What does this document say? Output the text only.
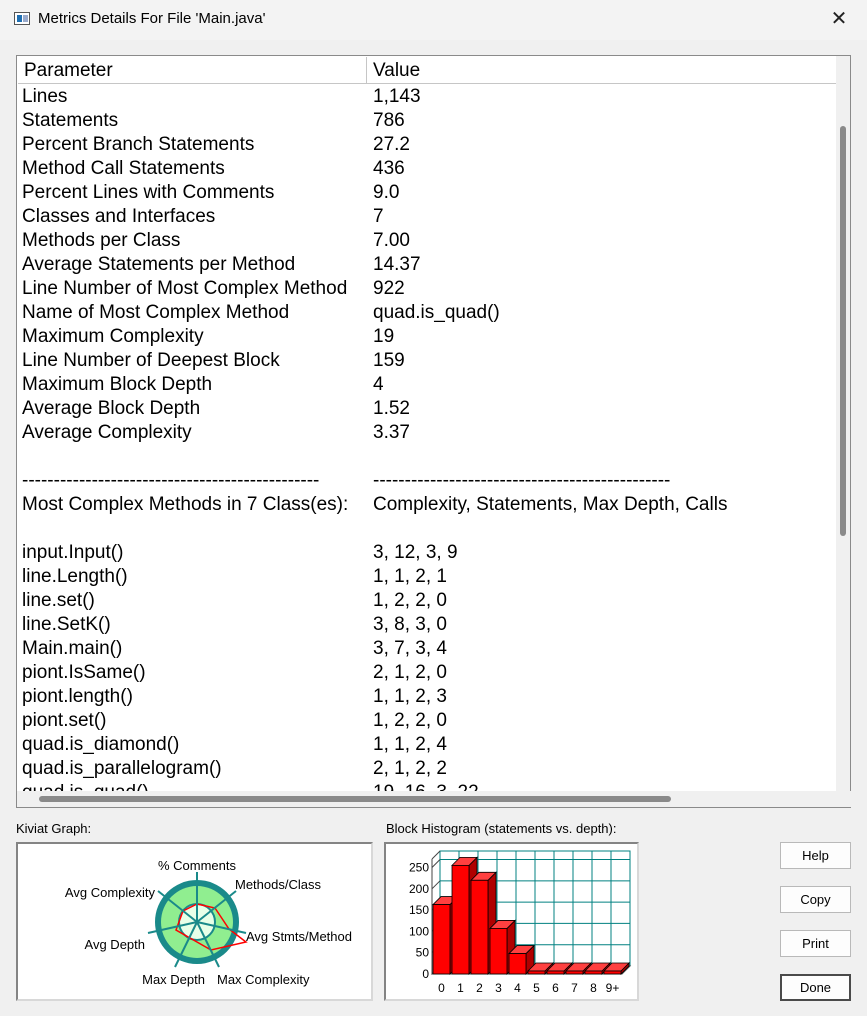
Metrics Details For File 'Main.java'	✕
Parameter	Value
Lines	1,143
Statements	786
Percent Branch Statements	27.2
Method Call Statements	436
Percent Lines with Comments	9.0
Classes and Interfaces	7
Methods per Class	7.00
Average Statements per Method	14.37
Line Number of Most Complex Method 922
Name of Most Complex Method	quad.is_quad()
Maximum Complexity	19
Line Number of Deepest Block	159
Maximum Block Depth	4
Average Block Depth	1.52
Average Complexity	3.37
-----------------------------------------------	-----------------------------------------------
Most Complex Methods in 7 Class(es): Complexity, Statements, Max Depth, Calls
input.Input()	3, 12, 3, 9
line.Length()	1, 1, 2, 1
line.set()	1, 2, 2, 0
line.SetK()	3, 8, 3, 0
Main.main()	3, 7, 3, 4
piont.IsSame()	2, 1, 2, 0
piont.length()	1, 1, 2, 3
piont.set()	1, 2, 2, 0
quad.is_diamond()	1, 1, 2, 4
quad.is_parallelogram()	2, 1, 2, 2
Kiviat Graph:
% Comments
Methods/Class
Avg Stmts/Method
Max Complexity
Max Depth
Avg Depth
Avg Complexity
Block Histogram (statements vs. depth):
0
50
100
150
200
250
0 1 2 3 4 5 6 7 8 9+
Help
Copy
Print
Done
